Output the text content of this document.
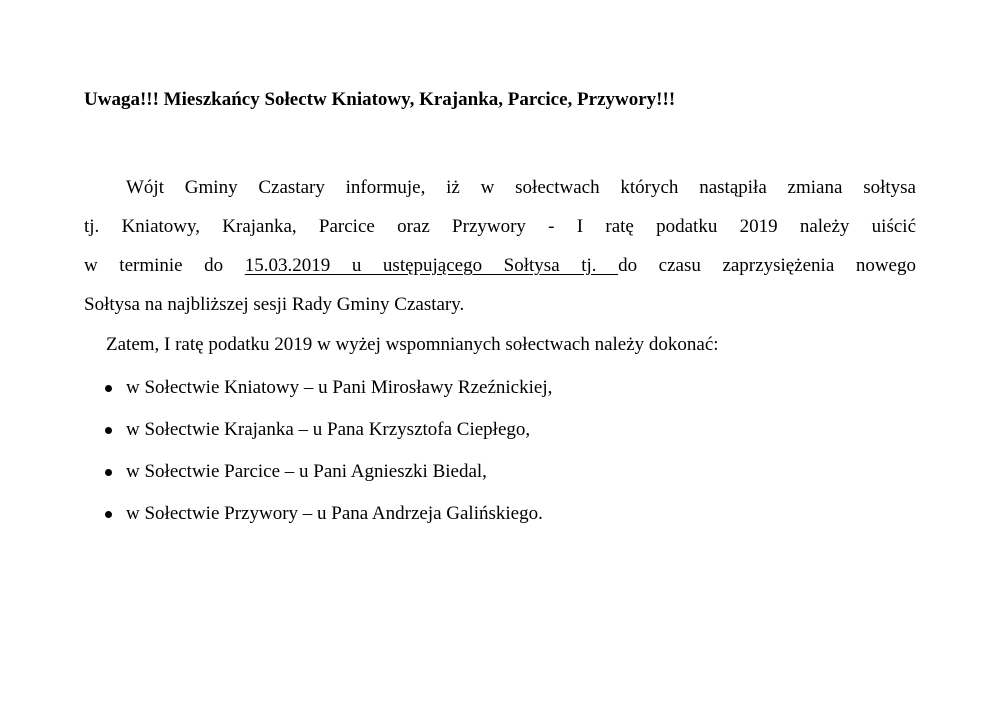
Uwaga!!! Mieszkańcy Sołectw Kniatowy, Krajanka, Parcice, Przywory!!!
Wójt Gminy Czastary informuje, iż w sołectwach których nastąpiła zmiana sołtysa
tj. Kniatowy, Krajanka, Parcice oraz Przywory - I ratę podatku 2019 należy uiścić
w terminie do 15.03.2019 u ustępującego Sołtysa tj. do czasu zaprzysiężenia nowego
Sołtysa na najbliższej sesji Rady Gminy Czastary.
Zatem, I ratę podatku 2019 w wyżej wspomnianych sołectwach należy dokonać:
w Sołectwie Kniatowy – u Pani Mirosławy Rzeźnickiej,
w Sołectwie Krajanka – u Pana Krzysztofa Ciepłego,
w Sołectwie Parcice – u Pani Agnieszki Biedal,
w Sołectwie Przywory – u Pana Andrzeja Galińskiego.
